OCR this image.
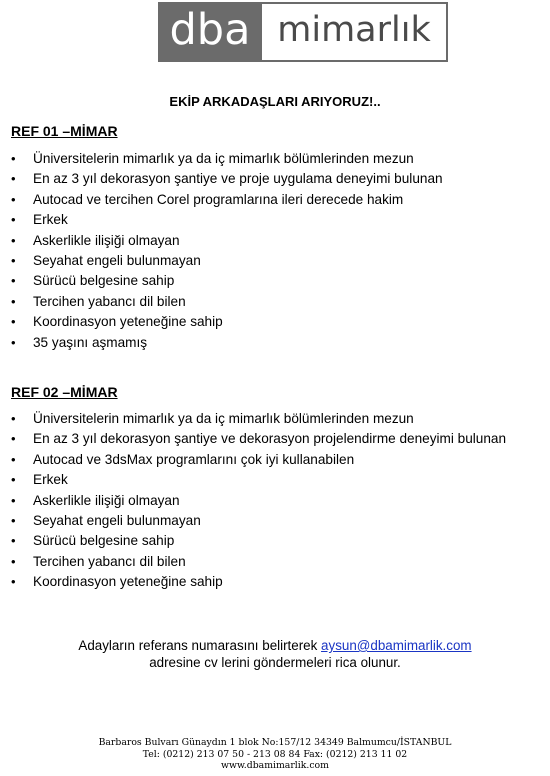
dba mimarlık
EKİP ARKADAŞLARI ARIYORUZ!..
REF 01 –MİMAR
•	Üniversitelerin mimarlık ya da iç mimarlık bölümlerinden mezun
•	En az 3 yıl dekorasyon şantiye ve proje uygulama deneyimi bulunan
•	Autocad ve tercihen Corel programlarına ileri derecede hakim
•	Erkek
•	Askerlikle ilişiği olmayan
•	Seyahat engeli bulunmayan
•	Sürücü belgesine sahip
•	Tercihen yabancı dil bilen
•	Koordinasyon yeteneğine sahip
•	35 yaşını aşmamış
REF 02 –MİMAR
•	Üniversitelerin mimarlık ya da iç mimarlık bölümlerinden mezun
•	En az 3 yıl dekorasyon şantiye ve dekorasyon projelendirme deneyimi bulunan
•	Autocad ve 3dsMax programlarını çok iyi kullanabilen
•	Erkek
•	Askerlikle ilişiği olmayan
•	Seyahat engeli bulunmayan
•	Sürücü belgesine sahip
•	Tercihen yabancı dil bilen
•	Koordinasyon yeteneğine sahip
Adayların referans numarasını belirterek aysun@dbamimarlik.com
adresine cv lerini göndermeleri rica olunur.
Barbaros Bulvarı Günaydın 1 blok No:157/12 34349 Balmumcu/İSTANBUL
Tel: (0212) 213 07 50 - 213 08 84 Fax: (0212) 213 11 02
www.dbamimarlik.com
